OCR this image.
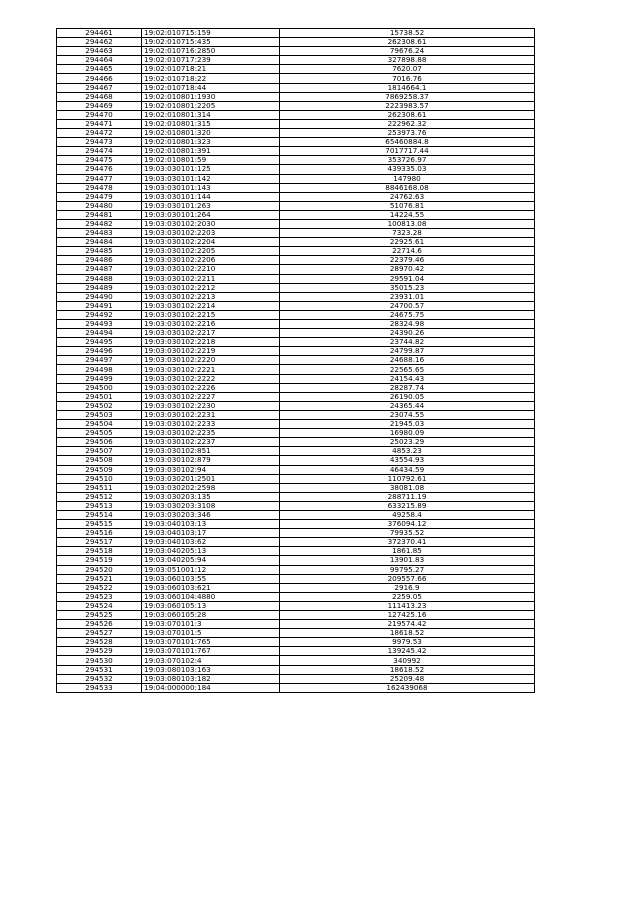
294461	19:02:010715:159	15738.52
294462	19:02:010715:435	262308.61
294463	19:02:010716:2850	79676.24
294464	19:02:010717:239	327898.88
294465	19:02:010718:21	7620.07
294466	19:02:010718:22	7016.76
294467	19:02:010718:44	1814664.1
294468	19:02:010801:1930	7869258.37
294469	19:02:010801:2205	2223983.57
294470	19:02:010801:314	262308.61
294471	19:02:010801:315	222962.32
294472	19:02:010801:320	253973.76
294473	19:02:010801:323	65460884.8
294474	19:02:010801:391	7017717.44
294475	19:02:010801:59	353726.97
294476	19:03:030101:125	439335.03
294477	19:03:030101:142	147980
294478	19:03:030101:143	8846168.08
294479	19:03:030101:144	24762.63
294480	19:03:030101:263	51076.81
294481	19:03:030101:264	14224.55
294482	19:03:030102:2030	100813.08
294483	19:03:030102:2203	7323.28
294484	19:03:030102:2204	22925.61
294485	19:03:030102:2205	22714.6
294486	19:03:030102:2206	22379.46
294487	19:03:030102:2210	28970.42
294488	19:03:030102:2211	29591.04
294489	19:03:030102:2212	35015.23
294490	19:03:030102:2213	23931.01
294491	19:03:030102:2214	24700.57
294492	19:03:030102:2215	24675.75
294493	19:03:030102:2216	28324.98
294494	19:03:030102:2217	24390.26
294495	19:03:030102:2218	23744.82
294496	19:03:030102:2219	24799.87
294497	19:03:030102:2220	24688.16
294498	19:03:030102:2221	22565.65
294499	19:03:030102:2222	24154.43
294500	19:03:030102:2226	28287.74
294501	19:03:030102:2227	26190.05
294502	19:03:030102:2230	24365.44
294503	19:03:030102:2231	23074.55
294504	19:03:030102:2233	21945.03
294505	19:03:030102:2235	16980.09
294506	19:03:030102:2237	25023.29
294507	19:03:030102:851	4853.23
294508	19:03:030102:879	43554.93
294509	19:03:030102:94	46434.59
294510	19:03:030201:2501	110792.61
294511	19:03:030202:2598	38081.08
294512	19:03:030203:135	288711.19
294513	19:03:030203:3108	633215.89
294514	19:03:030203:346	49258.4
294515	19:03:040103:13	376094.12
294516	19:03:040103:17	79935.52
294517	19:03:040103:62	372370.41
294518	19:03:040205:13	1861.85
294519	19:03:040205:94	13901.83
294520	19:03:051001:12	99795.27
294521	19:03:060103:55	209557.66
294522	19:03:060103:621	2916.9
294523	19:03:060104:4880	2259.05
294524	19:03:060105:13	111413.23
294525	19:03:060105:28	127425.16
294526	19:03:070101:3	219574.42
294527	19:03:070101:5	18618.52
294528	19:03:070101:765	9979.53
294529	19:03:070101:767	139245.42
294530	19:03:070102:4	340992
294531	19:03:080103:163	18618.52
294532	19:03:080103:182	25209.48
294533	19:04:000000:184	162439068
